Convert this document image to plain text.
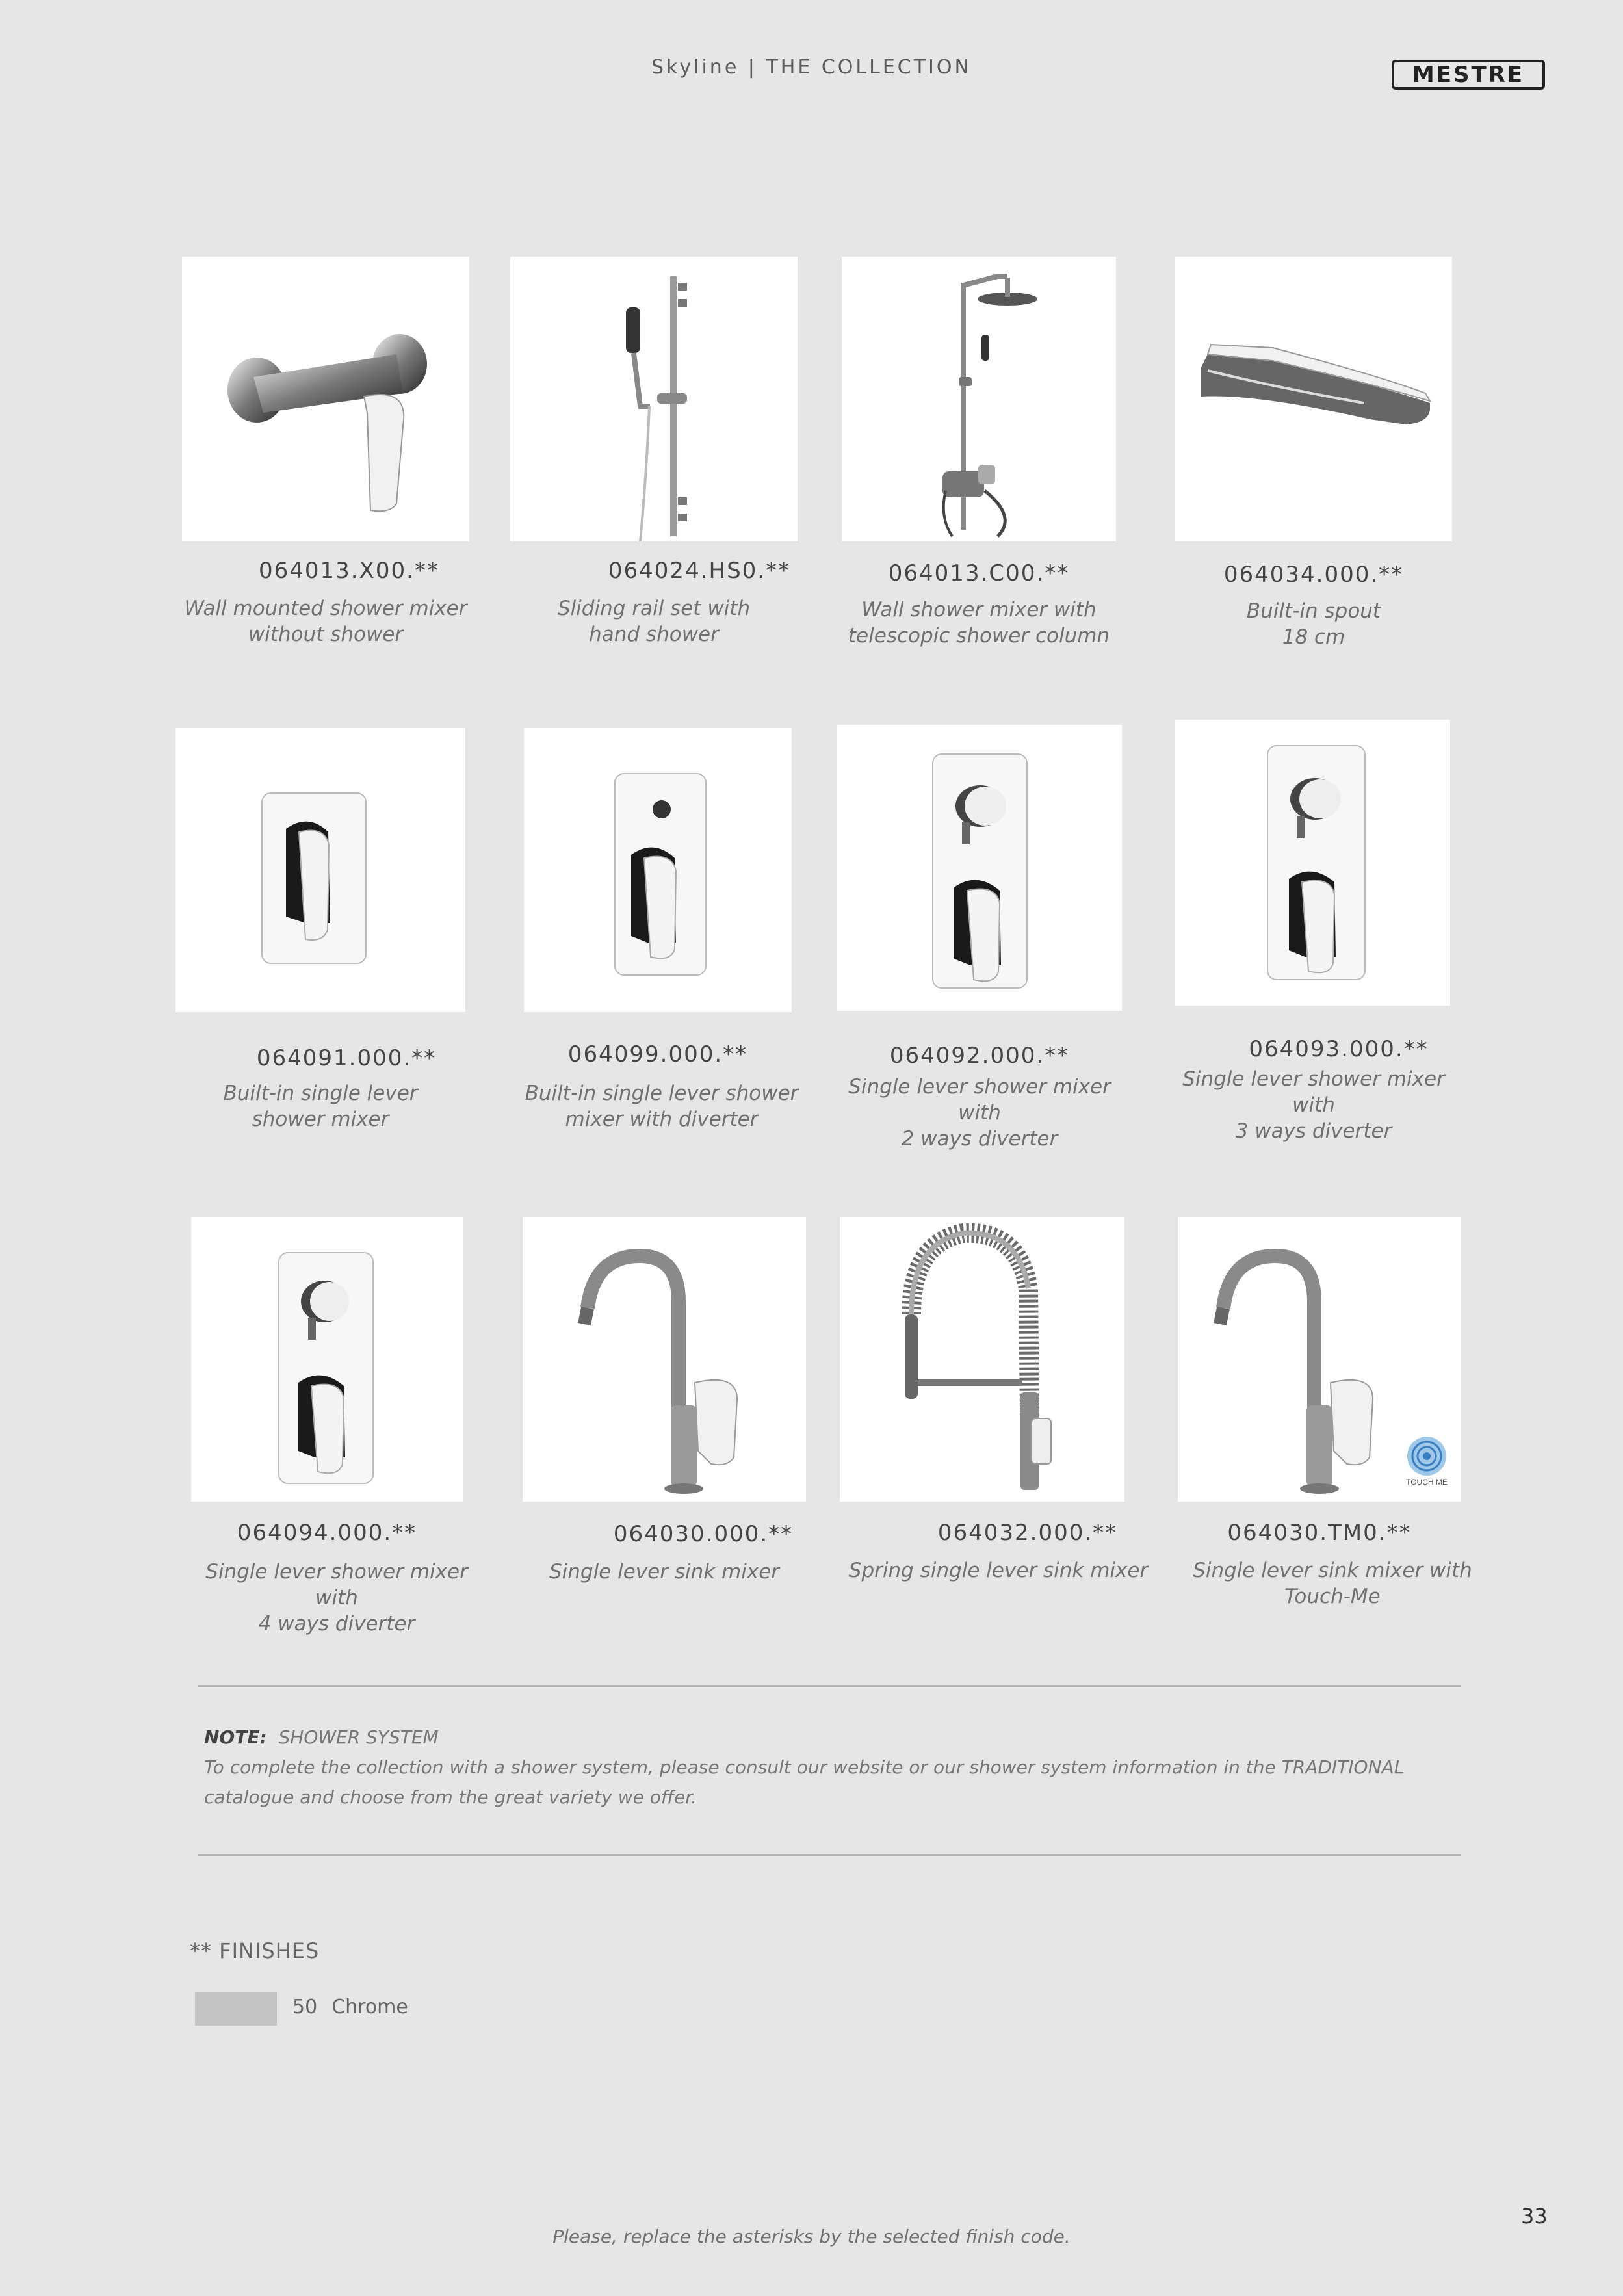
Skyline | THE COLLECTION	MESTRE
064013.X00.**
Wall mounted shower mixer
without shower
064024.HS0.**
Sliding rail set with
hand shower
064013.C00.**
Wall shower mixer with
telescopic shower column
064034.000.**
Built-in spout
18 cm
064091.000.**
Built-in single lever
shower mixer
064099.000.**
Built-in single lever shower
mixer with diverter
064092.000.**
Single lever shower mixer with
2 ways diverter
064093.000.**
Single lever shower mixer with
3 ways diverter
TOUCH ME
064094.000.**
Single lever shower mixer with
4 ways diverter
064030.000.**
Single lever sink mixer
064032.000.**
Spring single lever sink mixer
064030.TM0.**
Single lever sink mixer with
Touch-Me
NOTE: SHOWER SYSTEM
To complete the collection with a shower system, please consult our website or our shower system information in the TRADITIONAL catalogue and choose from the great variety we offer.
** FINISHES
50 Chrome
33
Please, replace the asterisks by the selected finish code.
